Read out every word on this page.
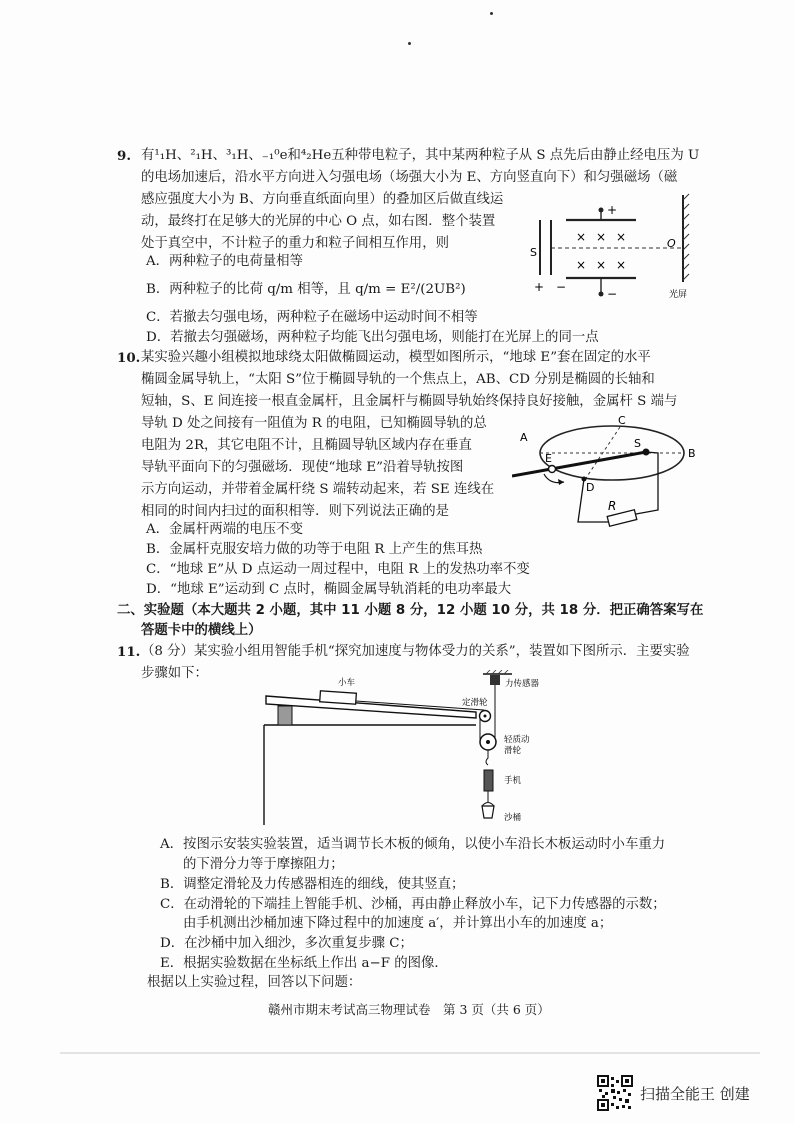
9. 有¹₁H、²₁H、³₁H、₋₁⁰e和⁴₂He五种带电粒子，其中某两种粒子从 S 点先后由静止经电压为 U
的电场加速后，沿水平方向进入匀强电场（场强大小为 E、方向竖直向下）和匀强磁场（磁
感应强度大小为 B、方向垂直纸面向里）的叠加区后做直线运
动，最终打在足够大的光屏的中心 O 点，如右图．整个装置
处于真空中，不计粒子的重力和粒子间相互作用，则
A．两种粒子的电荷量相等
B．两种粒子的比荷 q/m 相等，且 q/m = E²/(2UB²)
C．若撤去匀强电场，两种粒子在磁场中运动时间不相等
D．若撤去匀强磁场，两种粒子均能飞出匀强电场，则能打在光屏上的同一点
S
+ −
+
−
× × ×
× × ×
O
光屏
10. 某实验兴趣小组模拟地球绕太阳做椭圆运动，模型如图所示，“地球 E”套在固定的水平
椭圆金属导轨上，“太阳 S”位于椭圆导轨的一个焦点上，AB、CD 分别是椭圆的长轴和
短轴，S、E 间连接一根直金属杆，且金属杆与椭圆导轨始终保持良好接触，金属杆 S 端与
导轨 D 处之间接有一阻值为 R 的电阻，已知椭圆导轨的总
电阻为 2R，其它电阻不计，且椭圆导轨区域内存在垂直
导轨平面向下的匀强磁场．现使“地球 E”沿着导轨按图
示方向运动，并带着金属杆绕 S 端转动起来，若 SE 连线在
相同的时间内扫过的面积相等．则下列说法正确的是
A．金属杆两端的电压不变
B．金属杆克服安培力做的功等于电阻 R 上产生的焦耳热
C．“地球 E”从 D 点运动一周过程中，电阻 R 上的发热功率不变
D．“地球 E”运动到 C 点时，椭圆金属导轨消耗的电功率最大
A
B
C
E
S
D
R
二、实验题（本大题共 2 小题，其中 11 小题 8 分，12 小题 10 分，共 18 分．把正确答案写在
答题卡中的横线上）
11. （8 分）某实验小组用智能手机“探究加速度与物体受力的关系”，装置如下图所示．主要实验
步骤如下：
小车
定滑轮
力传感器
轻质动
滑轮
手机
沙桶
A．按图示安装实验装置，适当调节长木板的倾角，以使小车沿长木板运动时小车重力
的下滑分力等于摩擦阻力；
B．调整定滑轮及力传感器相连的细线，使其竖直；
C．在动滑轮的下端挂上智能手机、沙桶，再由静止释放小车，记下力传感器的示数；
由手机测出沙桶加速下降过程中的加速度 a′，并计算出小车的加速度 a；
D．在沙桶中加入细沙，多次重复步骤 C；
E．根据实验数据在坐标纸上作出 a−F 的图像．
根据以上实验过程，回答以下问题：
赣州市期末考试高三物理试卷　第 3 页（共 6 页）
扫描全能王 创建
